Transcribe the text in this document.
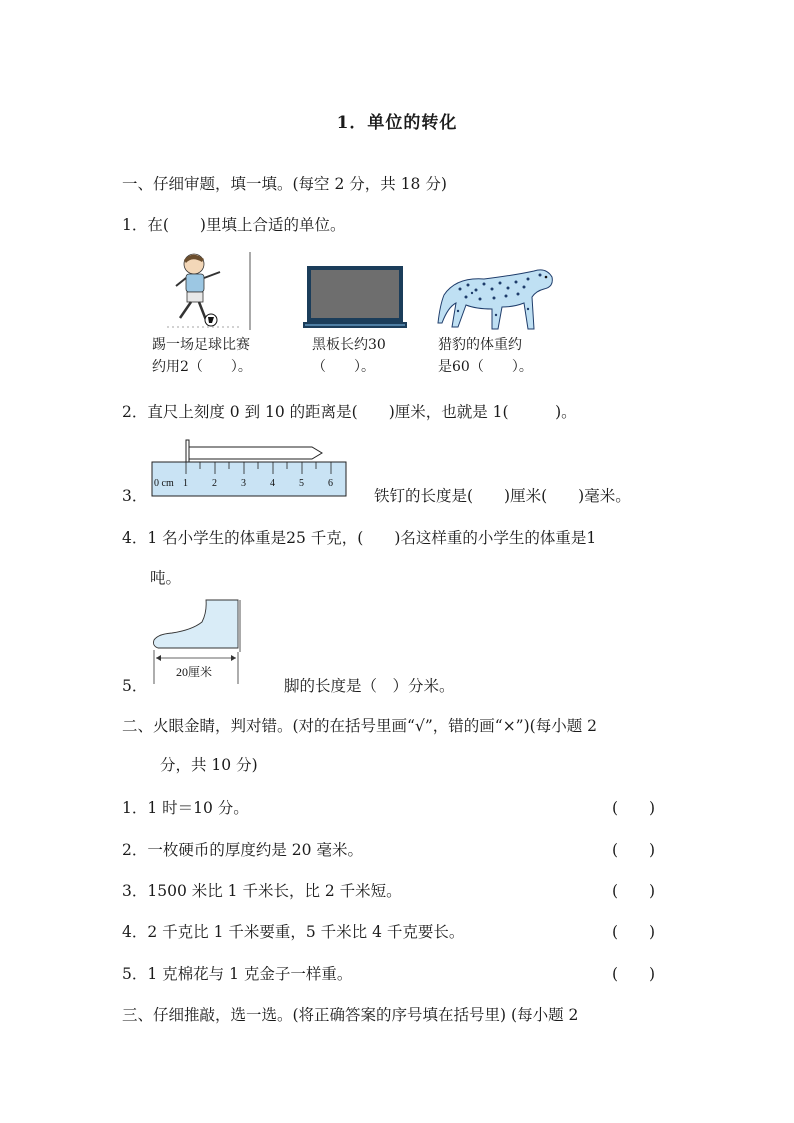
1．单位的转化
一、仔细审题，填一填。(每空 2 分，共 18 分)
1．在(　　)里填上合适的单位。
踢一场足球比赛
约用2（　　）。
黑板长约30
（　　）。
猎豹的体重约
是60（　　）。
2．直尺上刻度 0 到 10 的距离是(　　)厘米，也就是 1(　　　)。
3．
0 cm 1 2 3 4 5 6
铁钉的长度是(　　)厘米(　　)毫米。
4．1 名小学生的体重是25 千克，(　　)名这样重的小学生的体重是1
吨。
5．
20厘米
脚的长度是（　）分米。
二、火眼金睛，判对错。(对的在括号里画“√”，错的画“×”)(每小题 2
分，共 10 分)
1．1 时＝10 分。	(　　)
2．一枚硬币的厚度约是 20 毫米。	(　　)
3．1500 米比 1 千米长，比 2 千米短。	(　　)
4．2 千克比 1 千米要重，5 千米比 4 千克要长。	(　　)
5．1 克棉花与 1 克金子一样重。	(　　)
三、仔细推敲，选一选。(将正确答案的序号填在括号里) (每小题 2
